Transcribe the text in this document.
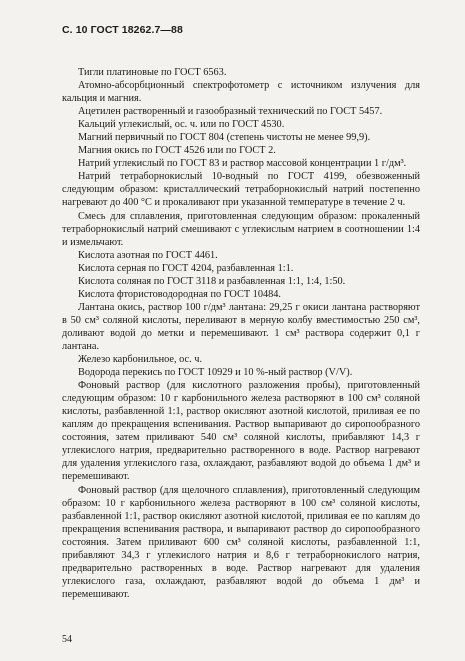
С. 10 ГОСТ 18262.7—88

Тигли платиновые по ГОСТ 6563.

Атомно-абсорбционный спектрофотометр с источником излучения для кальция и магния.

Ацетилен растворенный и газообразный технический по ГОСТ 5457.

Кальций углекислый, ос. ч. или по ГОСТ 4530.

Магний первичный по ГОСТ 804 (степень чистоты не менее 99,9).

Магния окись по ГОСТ 4526 или по ГОСТ 2.

Натрий углекислый по ГОСТ 83 и раствор массовой концентрации 1 г/дм³.

Натрий тетраборнокислый 10-водный по ГОСТ 4199, обезвоженный следующим образом: кристаллический тетраборнокислый натрий постепенно нагревают до 400 °С и прокаливают при указанной температуре в течение 2 ч.

Смесь для сплавления, приготовленная следующим образом: прокаленный тетраборнокислый натрий смешивают с углекислым натрием в соотношении 1:4 и измельчают.

Кислота азотная по ГОСТ 4461.

Кислота серная по ГОСТ 4204, разбавленная 1:1.

Кислота соляная по ГОСТ 3118 и разбавленная 1:1, 1:4, 1:50.

Кислота фтористоводородная по ГОСТ 10484.

Лантана окись, раствор 100 г/дм³ лантана: 29,25 г окиси лантана растворяют в 50 см³ соляной кислоты, переливают в мерную колбу вместимостью 250 см³, доливают водой до метки и перемешивают. 1 см³ раствора содержит 0,1 г лантана.

Железо карбонильное, ос. ч.

Водорода перекись по ГОСТ 10929 и 10 %-ный раствор (V/V).

Фоновый раствор (для кислотного разложения пробы), приготовленный следующим образом: 10 г карбонильного железа растворяют в 100 см³ соляной кислоты, разбавленной 1:1, раствор окисляют азотной кислотой, приливая ее по каплям до прекращения вспенивания. Раствор выпаривают до сиропообразного состояния, затем приливают 540 см³ соляной кислоты, прибавляют 14,3 г углекислого натрия, предварительно растворенного в воде. Раствор нагревают для удаления углекислого газа, охлаждают, разбавляют водой до объема 1 дм³ и перемешивают.

Фоновый раствор (для щелочного сплавления), приготовленный следующим образом: 10 г карбонильного железа растворяют в 100 см³ соляной кислоты, разбавленной 1:1, раствор окисляют азотной кислотой, приливая ее по каплям до прекращения вспенивания раствора, и выпаривают раствор до сиропообразного состояния. Затем приливают 600 см³ соляной кислоты, разбавленной 1:1, прибавляют 34,3 г углекислого натрия и 8,6 г тетраборнокислого натрия, предварительно растворенных в воде. Раствор нагревают для удаления углекислого газа, охлаждают, разбавляют водой до объема 1 дм³ и перемешивают.

54
